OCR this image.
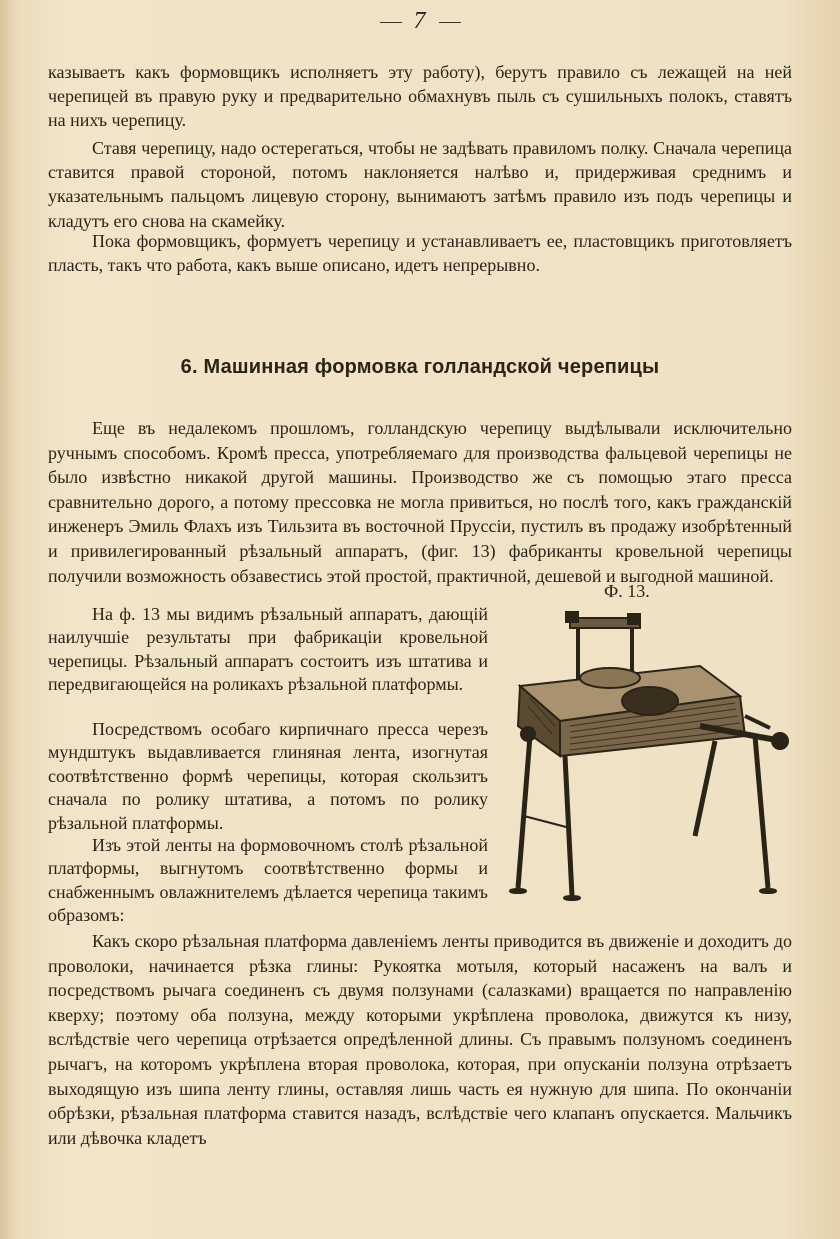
7

казываетъ какъ формовщикъ исполняетъ эту работу), берутъ правило съ лежащей на ней черепицей въ правую руку и предварительно обмахнувъ пыль съ сушильныхъ полокъ, ставятъ на нихъ черепицу.

Ставя черепицу, надо остерегаться, чтобы не задѣвать правиломъ полку. Сначала черепица ставится правой стороной, потомъ наклоняется налѣво и, придерживая среднимъ и указательнымъ пальцомъ лицевую сторону, вынимаютъ затѣмъ правило изъ подъ черепицы и кладутъ его снова на скамейку.

Пока формовщикъ, формуетъ черепицу и устанавливаетъ ее, пластовщикъ приготовляетъ пласть, такъ что работа, какъ выше описано, идетъ непрерывно.

6. Машинная формовка голландской черепицы

Еще въ недалекомъ прошломъ, голландскую черепицу выдѣлывали исключительно ручнымъ способомъ. Кромѣ пресса, употребляемаго для производства фальцевой черепицы не было извѣстно никакой другой машины. Производство же съ помощью этаго пресса сравнительно дорого, а потому прессовка не могла привиться, но послѣ того, какъ гражданскій инженеръ Эмиль Флахъ изъ Тильзита въ восточной Пруссіи, пустилъ въ продажу изобрѣтенный и привилегированный рѣзальный аппаратъ, (фиг. 13) фабриканты кровельной черепицы получили возможность обзавестись этой простой, практичной, дешевой и выгодной машиной.

Ф. 13.

На ф. 13 мы видимъ рѣзальный аппаратъ, дающій наилучшіе результаты при фабрикаціи кровельной черепицы. Рѣзальный аппаратъ состоитъ изъ штатива и передвигающейся на роликахъ рѣзальной платформы.

Посредствомъ особаго кирпичнаго пресса черезъ мундштукъ выдавливается глиняная лента, изогнутая соотвѣтственно формѣ черепицы, которая скользитъ сначала по ролику штатива, а потомъ по ролику рѣзальной платформы.

Изъ этой ленты на формовочномъ столѣ рѣзальной платформы, выгнутомъ соотвѣтственно формы и снабженнымъ овлажнителемъ дѣлается черепица такимъ образомъ:

Какъ скоро рѣзальная платформа давленіемъ ленты приводится въ движеніе и доходитъ до проволоки, начинается рѣзка глины: Рукоятка мотыля, который насаженъ на валъ и посредствомъ рычага соединенъ съ двумя ползунами (салазками) вращается по направленію кверху; поэтому оба ползуна, между которыми укрѣплена проволока, движутся къ низу, вслѣдствіе чего черепица отрѣзается опредѣленной длины. Съ правымъ ползуномъ соединенъ рычагъ, на которомъ укрѣплена вторая проволока, которая, при опусканіи ползуна отрѣзаетъ выходящую изъ шипа ленту глины, оставляя лишь часть ея нужную для шипа. По окончаніи обрѣзки, рѣзальная платформа ставится назадъ, вслѣдствіе чего клапанъ опускается. Мальчикъ или дѣвочка кладетъ
